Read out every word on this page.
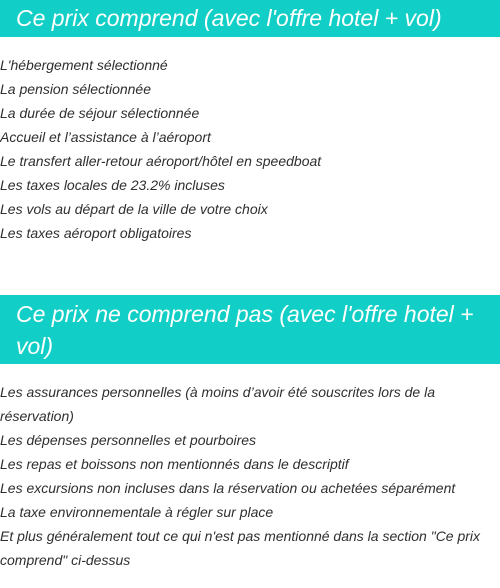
Ce prix comprend (avec l'offre hotel + vol)
L'hébergement sélectionné
La pension sélectionnée
La durée de séjour sélectionnée
Accueil et l’assistance à l’aéroport
Le transfert aller-retour aéroport/hôtel en speedboat
Les taxes locales de 23.2% incluses
Les vols au départ de la ville de votre choix
Les taxes aéroport obligatoires
Ce prix ne comprend pas (avec l'offre hotel + vol)
Les assurances personnelles (à moins d’avoir été souscrites lors de la réservation)
Les dépenses personnelles et pourboires
Les repas et boissons non mentionnés dans le descriptif
Les excursions non incluses dans la réservation ou achetées séparément
La taxe environnementale à régler sur place
Et plus généralement tout ce qui n'est pas mentionné dans la section "Ce prix comprend" ci-dessus
